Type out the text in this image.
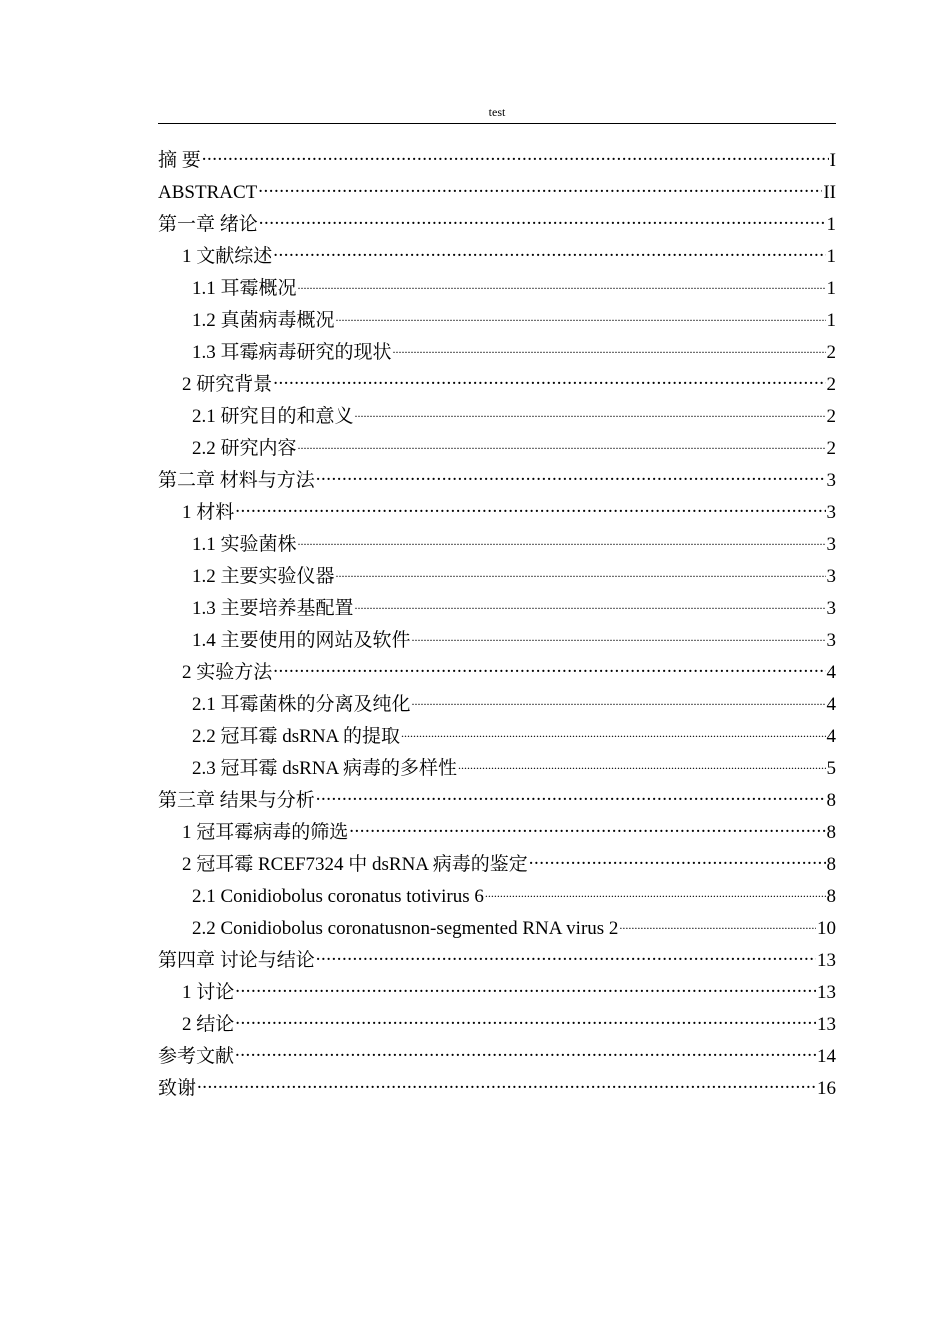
test
摘 要 .....	I
ABSTRACT .....	II
第一章 绪论 .....	1
1 文献综述 .....	1
1.1 耳霉概况 .....	1
1.2 真菌病毒概况 .....	1
1.3 耳霉病毒研究的现状 .....	2
2 研究背景 .....	2
2.1 研究目的和意义 .....	2
2.2 研究内容 .....	2
第二章 材料与方法 .....	3
1 材料 .....	3
1.1 实验菌株 .....	3
1.2 主要实验仪器 .....	3
1.3 主要培养基配置 .....	3
1.4 主要使用的网站及软件 .....	3
2 实验方法 .....	4
2.1 耳霉菌株的分离及纯化 .....	4
2.2 冠耳霉 dsRNA 的提取 .....	4
2.3 冠耳霉 dsRNA 病毒的多样性 .....	5
第三章 结果与分析 .....	8
1 冠耳霉病毒的筛选 .....	8
2 冠耳霉 RCEF7324 中 dsRNA 病毒的鉴定 .....	8
2.1 Conidiobolus coronatus totivirus 6 .....	8
2.2 Conidiobolus coronatusnon-segmented RNA virus 2 .....	10
第四章 讨论与结论 .....	13
1 讨论 .....	13
2 结论 .....	13
参考文献 .....	14
致谢 .....	16
